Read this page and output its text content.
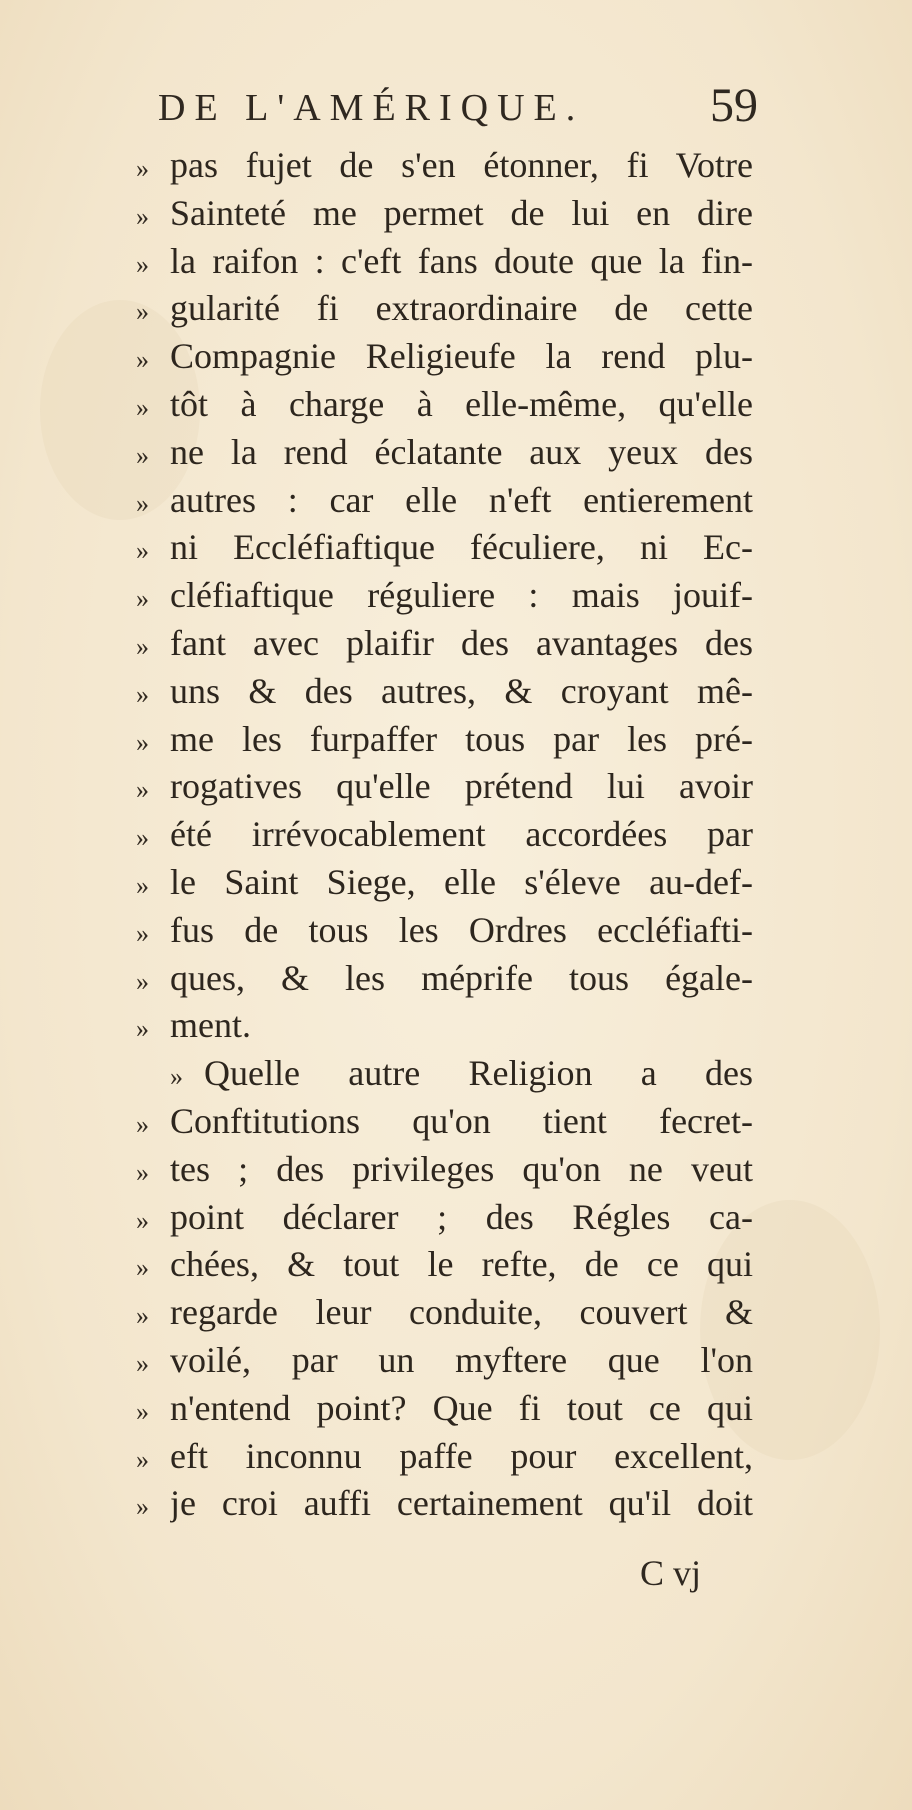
DE L'AMÉRIQUE.	59
» pas fujet de s'en étonner, fi Votre
» Sainteté me permet de lui en dire
» la raifon : c'eft fans doute que la fin-
» gularité fi extraordinaire de cette
» Compagnie Religieufe la rend plu-
» tôt à charge à elle-même, qu'elle
» ne la rend éclatante aux yeux des
» autres : car elle n'eft entierement
» ni Eccléfiaftique féculiere, ni Ec-
» cléfiaftique réguliere : mais jouif-
» fant avec plaifir des avantages des
» uns & des autres, & croyant mê-
» me les furpaffer tous par les pré-
» rogatives qu'elle prétend lui avoir
» été irrévocablement accordées par
» le Saint Siege, elle s'éleve au-def-
» fus de tous les Ordres eccléfiafti-
» ques, & les méprife tous égale-
» ment.
» Quelle autre Religion a des
» Conftitutions qu'on tient fecret-
» tes ; des privileges qu'on ne veut
» point déclarer ; des Régles ca-
» chées, & tout le refte, de ce qui
» regarde leur conduite, couvert &
» voilé, par un myftere que l'on
» n'entend point? Que fi tout ce qui
» eft inconnu paffe pour excellent,
» je croi auffi certainement qu'il doit
C vj
